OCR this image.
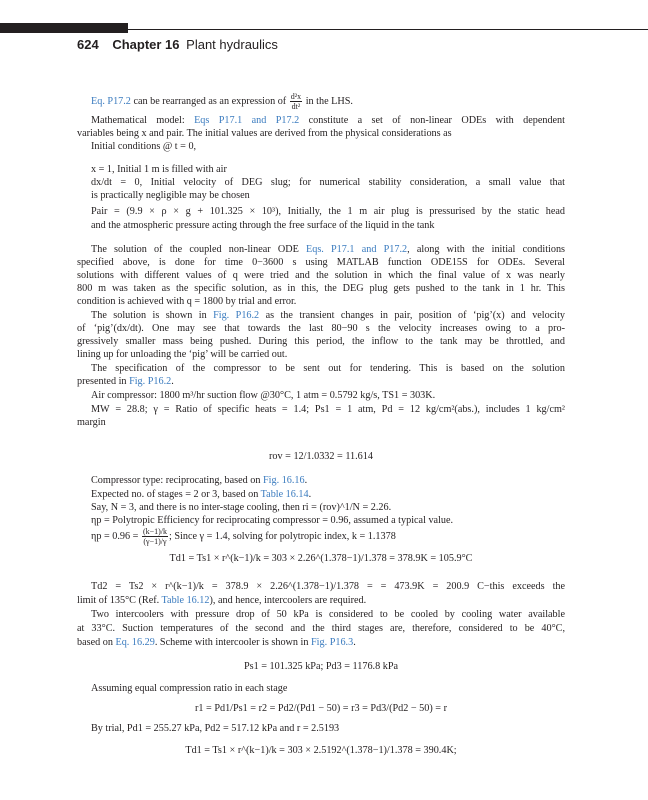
624 Chapter 16 Plant hydraulics
Eq. P17.2 can be rearranged as an expression of $\frac{\text{d²x}}{\text{dt²}}$ in the LHS.
Mathematical model: Eqs P17.1 and P17.2 constitute a set of non-linear ODEs with dependent
variables being x and pair. The initial values are derived from the physical considerations as
Initial conditions @ t = 0,
x = 1, Initial 1 m is filled with air
dx/dt = 0, Initial velocity of DEG slug; for numerical stability consideration, a small value that
is practically negligible may be chosen
Pair = (9.9 × ρ × g + 101.325 × 10³), Initially, the 1 m air plug is pressurised by the static head
and the atmospheric pressure acting through the free surface of the liquid in the tank
The solution of the coupled non-linear ODE Eqs. P17.1 and P17.2, along with the initial conditions
specified above, is done for time 0−3600 s using MATLAB function ODE15S for ODEs. Several
solutions with different values of q were tried and the solution in which the final value of x was nearly
800 m was taken as the specific solution, as in this, the DEG plug gets pushed to the tank in 1 hr. This
condition is achieved with q = 1800 by trial and error.
The solution is shown in Fig. P16.2 as the transient changes in pair, position of ‘pig’(x) and velocity
of ‘pig’(dx/dt). One may see that towards the last 80−90 s the velocity increases owing to a pro-
gressively smaller mass being pushed. During this period, the inflow to the tank may be throttled, and
lining up for unloading the ‘pig’ will be carried out.
The specification of the compressor to be sent out for tendering. This is based on the solution
presented in Fig. P16.2.
Air compressor: 1800 m³/hr suction flow @30°C, 1 atm = 0.5792 kg/s, TS1 = 303K.
MW = 28.8; γ = Ratio of specific heats = 1.4; Ps1 = 1 atm, Pd = 12 kg/cm²(abs.), includes 1 kg/cm²
margin
rov = 12/1.0332 = 11.614
Compressor type: reciprocating, based on Fig. 16.16.
Expected no. of stages = 2 or 3, based on Table 16.14.
Say, N = 3, and there is no inter-stage cooling, then ri = (rov)^1/N = 2.26.
ηp = Polytropic Efficiency for reciprocating compressor = 0.96, assumed a typical value.
$\eta p = 0.96 = \frac{(k-1)/k}{(\gamma-1)/\gamma}$ ; Since γ = 1.4, solving for polytropic index, k = 1.1378
Td1 = Ts1 × r^(k−1)/k = 303 × 2.26^(1.378−1)/1.378 = 378.9K = 105.9°C
Td2 = Ts2 × r^(k−1)/k = 378.9 × 2.26^(1.378−1)/1.378 = = 473.9K = 200.9 C−this exceeds the
limit of 135°C (Ref. Table 16.12), and hence, intercoolers are required.
Two intercoolers with pressure drop of 50 kPa is considered to be cooled by cooling water available
at 33°C. Suction temperatures of the second and the third stages are, therefore, considered to be 40°C,
based on Eq. 16.29. Scheme with intercooler is shown in Fig. P16.3.
Ps1 = 101.325 kPa; Pd3 = 1176.8 kPa
Assuming equal compression ratio in each stage
r1 = Pd1/Ps1 = r2 = Pd2/(Pd1 − 50) = r3 = Pd3/(Pd2 − 50) = r
By trial, Pd1 = 255.27 kPa, Pd2 = 517.12 kPa and r = 2.5193
Td1 = Ts1 × r^(k−1)/k = 303 × 2.5192^(1.378−1)/1.378 = 390.4K;
